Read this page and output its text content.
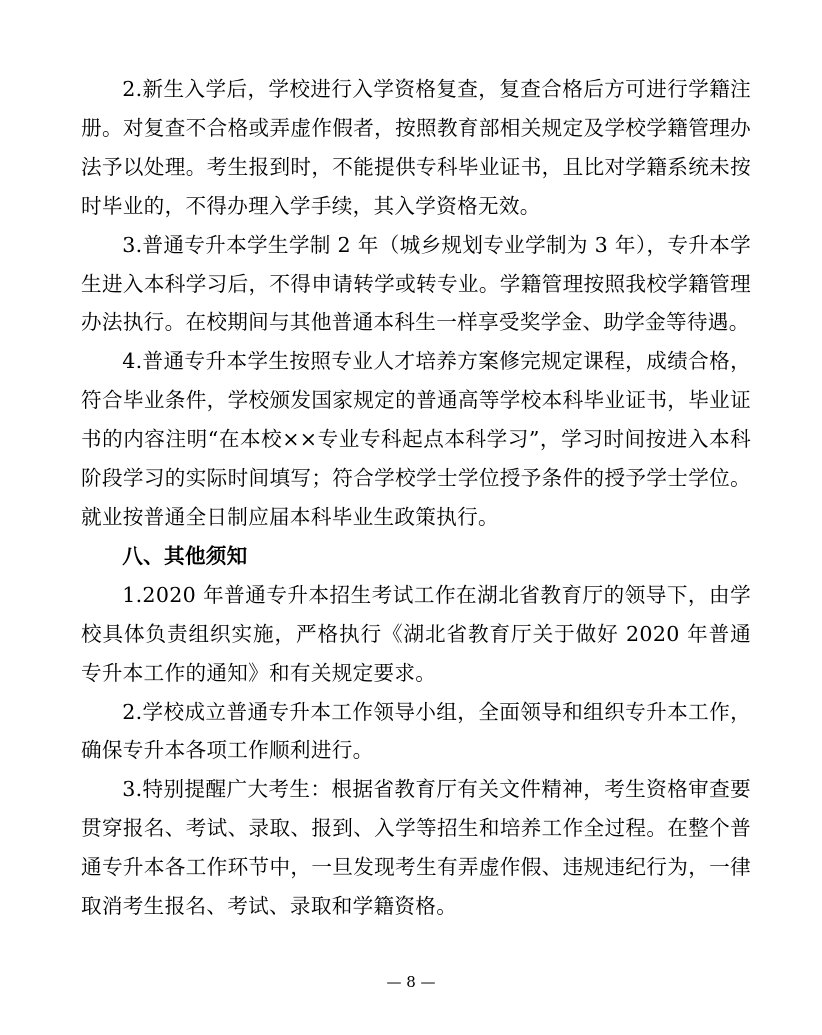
2.新生入学后，学校进行入学资格复查，复查合格后方可进行学籍注册。对复查不合格或弄虚作假者，按照教育部相关规定及学校学籍管理办法予以处理。考生报到时，不能提供专科毕业证书，且比对学籍系统未按时毕业的，不得办理入学手续，其入学资格无效。

3.普通专升本学生学制 2 年（城乡规划专业学制为 3 年），专升本学生进入本科学习后，不得申请转学或转专业。学籍管理按照我校学籍管理办法执行。在校期间与其他普通本科生一样享受奖学金、助学金等待遇。

4.普通专升本学生按照专业人才培养方案修完规定课程，成绩合格，符合毕业条件，学校颁发国家规定的普通高等学校本科毕业证书，毕业证书的内容注明“在本校××专业专科起点本科学习”，学习时间按进入本科阶段学习的实际时间填写；符合学校学士学位授予条件的授予学士学位。就业按普通全日制应届本科毕业生政策执行。

八、其他须知

1.2020 年普通专升本招生考试工作在湖北省教育厅的领导下，由学校具体负责组织实施，严格执行《湖北省教育厅关于做好 2020 年普通专升本工作的通知》和有关规定要求。

2.学校成立普通专升本工作领导小组，全面领导和组织专升本工作，确保专升本各项工作顺利进行。

3.特别提醒广大考生：根据省教育厅有关文件精神，考生资格审查要贯穿报名、考试、录取、报到、入学等招生和培养工作全过程。在整个普通专升本各工作环节中，一旦发现考生有弄虚作假、违规违纪行为，一律取消考生报名、考试、录取和学籍资格。

— 8 —
